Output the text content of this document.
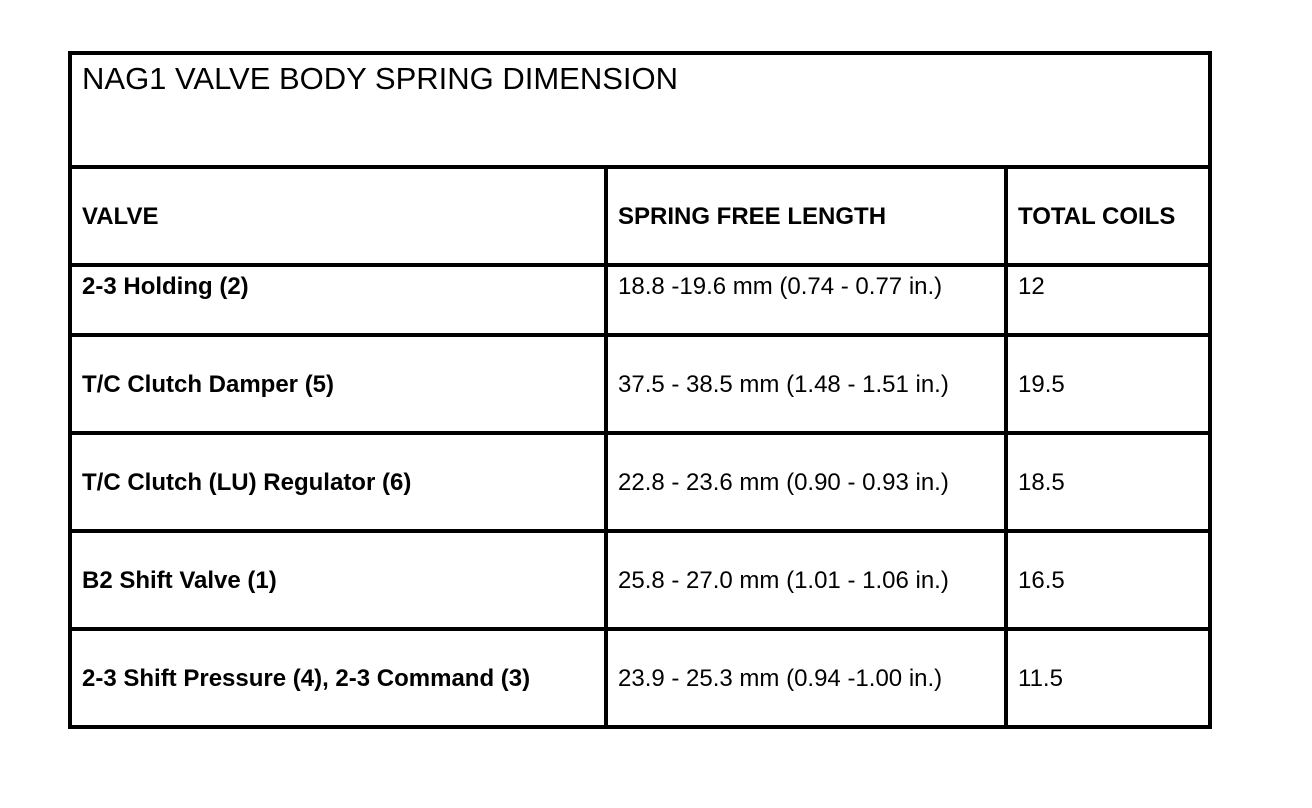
NAG1 VALVE BODY SPRING DIMENSION		
VALVE	SPRING FREE LENGTH	TOTAL COILS
2-3 Holding (2)	18.8 -19.6 mm (0.74 - 0.77 in.)	12
T/C Clutch Damper (5)	37.5 - 38.5 mm (1.48 - 1.51 in.)	19.5
T/C Clutch (LU) Regulator (6)	22.8 - 23.6 mm (0.90 - 0.93 in.)	18.5
B2 Shift Valve (1)	25.8 - 27.0 mm (1.01 - 1.06 in.)	16.5
2-3 Shift Pressure (4), 2-3 Command (3)	23.9 - 25.3 mm (0.94 -1.00 in.)	11.5
